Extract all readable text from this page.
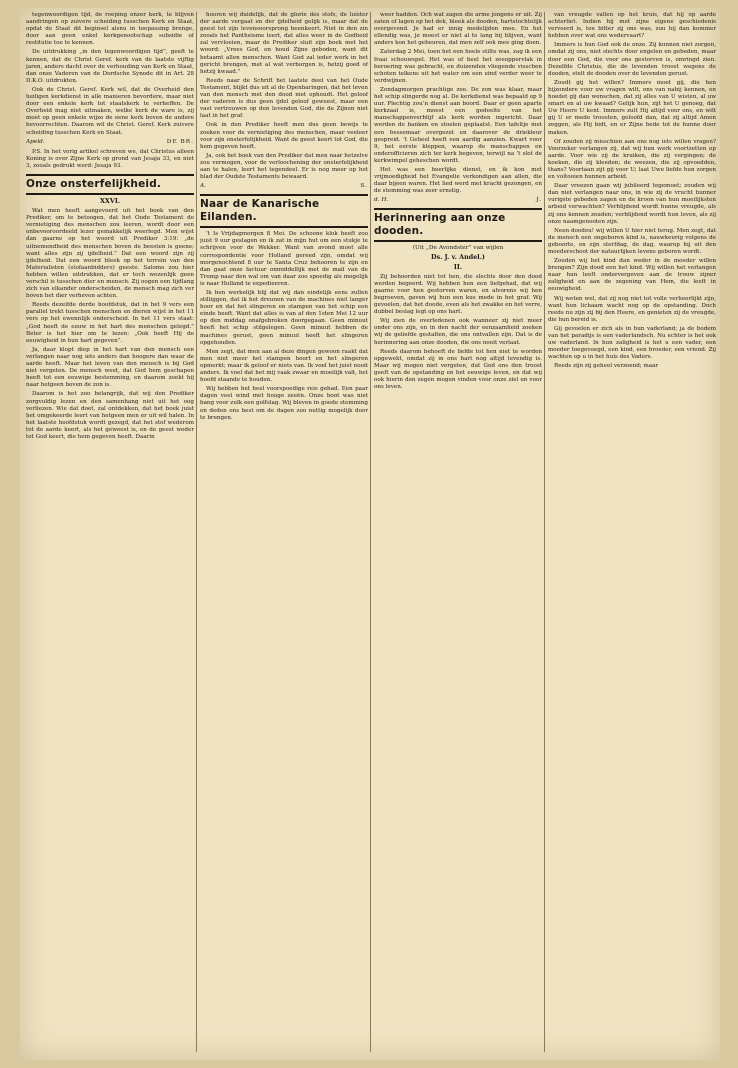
tegenwoordigen tijd, de roeping onzer kerk, te blijven aandringen op zuivere scheiding tusschen Kerk en Staat, opdat de Staat dit beginsel alsnu in toepassing brenge, door aan geen enkel kerkgenootschap subsidie of restitutie toe te kennen.

De uitdrukking „in den tegenwoordigen tijd”, geeft te kennen, dat de Christ Geref. kerk van de laatste vijftig jaren, anders dacht over de verhouding van Kerk en Staat, dan onze Vaderen van de Dordsche Synode dit in Art. 28 D.K.O. uitdrukten.

Ook de Christ. Geref. Kerk wil, dat de Overheid den heiligen kerkdienst in alle manieren bevordere, maar niet door een enkele kerk tot staatskerk te verheffen. De Overheid mag niet uitmaken, welke kerk de ware is, zij moet op geen enkele wijze de eene kerk boven de andere bevoorrechten. Daarom wil de Christ. Geref. Kerk zuivere scheiding tusschen Kerk en Staat.

Apeld.	DE BR.

P.S. In het vorig artikel schreven we, dat Christus alleen Koning is over Zijne Kerk op grond van Jesaja 33, en niet 3, zooals gedrukt werd: Jesaja 93.

Onze onsterfelijkheid.
XXVI.

Wat men heeft aangevoerd uit het boek van den Prediker, om te betoogen, dat het Oude Testament de vernietiging des menschen zou leeren, wordt door een onbevooroordeeld lezer gemakkelijk weerlegd. Men wijst dan gaarne op het woord uit Prediker 3:19: „de uitnemendheid des menschen boven de beesten is geene; want alles zijn zij ijdelheid.” Dat een woord zijn zij ijdelheid. Dat een woord bleek op het terrein van den Materialisten (stofaanbidders) geeste. Salomo zou hier hebben willen uitdrukken, dat er toch wezenlijk geen verschil is tusschen dier en mensch. Zij oogen een tijdlang zich van elkander onderscheiden, de mensch mag zich ver boven het dier verheven achten.

Reeds dezelfde derde hoofdstuk, dat in het 9 vers een parallel trekt tusschen menschen en dieren wijst in het 11 vers op het ewennlijk onderscheid. In het 11 vers staat: „God heeft de eeuw in het hart des menschen gelegd.” Beter is het hier om te lezen: „Ook heeft Hij de eeuwigheid in hun hart gegeven”.

Ja, daar klopt diep in het hart van den mensch een verlangen naar nog iets anders dan hoogere dan waar de aarde heeft. Maar het leven van den mensch is bij God niet vergeten. De mensch weet, dat God hem geschapen heeft tot een eeuwige bestemming, en daarom zoekt hij naar hetgeen boven de zon is.

Daarom is het zoo belangrijk, dat wij den Prediker zorgvuldig lezen en den samenhang niet uit het oog verliezen. Wie dat doet, zal ontdekken, dat het boek juist het omgekeerde leert van hetgeen men er uit wil halen. In het laatste hoofdstuk wordt gezegd, dat het stof wederom tot de aarde keert, als het geweest is, en de geest weder tot God keert, die hem gegeven heeft. Daarin

hooren wij duidelijk, dat de glorie des stofs, de luister der aarde vergaat en der ijdelheid gelijk is, maar dat de geest tot zijn levensoorsprong heenkeert. Niet in den zin zooals het Pantheisme leert, dat alles weer in de Godheid zal vervloeien, maar de Prediker sluit zijn boek met het woord: „Vrees God, en houd Zijne geboden, want dit betaamt allen menschen. Want God zal ieder werk in het gericht brengen, met al wat verborgen is, hetzij goed of hetzij kwaad.”

Reeds naar de Schrift het laatste deel van het Oude Testament, blijkt dus uit al de Openbaringen, dat het leven van den mensch met den dood niet ophoudt. Het geloof der vaderen is dus geen ijdel geloof geweest, maar een vast vertrouwen op den levenden God, die de Zijnen niet laat in het graf.

Ook in den Prediker heeft men dus geen bewijs te zoeken voor de vernietiging des menschen, maar veeleer voor zijn onsterfelijkheid. Want de geest keert tot God, die hem gegeven heeft.

Ja, ook het boek van den Prediker dat men naar hetzelve zou vermogen, voor de verloochening der onsterfelijkheid aan te halen, leert het tegendeel. Er is nog meer op het blad der Oudste Testaments bewaard.

A.	S.
Naar de Kanarische Eilanden.

’t Is Vrijdagmorgen 8 Mei. De schoone klok heeft zoo juist 9 uur geslagen en ik zat in mijn hut om een stukje te schrijven voor de Wekker. Want van avond moet alle correspondentie voor Holland gereed zijn, omdat wij morgenochtend 8 uur te Santa Cruz behooren te zijn en dan gaat onze factuur onmiddellijk met de mail van de Tromp naar den wal om van daar zoo spoedig als mogelijk is naar Holland te expedieeren.

Ik ben werkelijk blij dat wij dan eindelijk eens zullen stilliggen, dat ik het dreunen van de machines niet langer hoor en dat het slingeren en stampen van het schip een einde heeft. Want dat alles is van af den 1sten Mei 12 uur op den middag onafgebroken doorgegaan. Geen minuut heeft het schip stilgelegen. Geen minuut hebben de machines gerust, geen minuut heeft het slingeren opgehouden.

Men zegt, dat men aan al deze dingen gewoon raakt dat men niet meer het stampen hoort en het slingeren opmerkt; maar ik geloof er niets van. Ik voel het juist nooit anders. Ik voel dat het mij vaak zwaar en moeilijk valt, het hoofd staande te houden.

Wij hebben het heel voorspoedige reis gehad. Een paar dagen veel wind met hooge zeeën. Onze boot was niet bang voor zulk een golfslag. Wij bleven in goede stemming en deden ons best om de dagen zoo nuttig mogelijk door te brengen.

weer hadden. Och wat zagen die arme jongens er uit. Zij zaten of lagen op het dek, bleek als dooden, hartstochtelijk overgevend. Je had er innig medelijden mee. En het ellendig was, je moest er niet al te lang bij blijven, want anders kon het gebeuren, dat men zelf ook mee ging doen.

Zaterdag 2 Mei, toen het een heele stilte was, zag ik een fraai schouwspel. Het was of heel het zeeoppervlak in beroering was gebracht, en duizenden vliegende visschen schoten telkens uit het water om een eind verder weer te verdwijnen.

Zondagmorgen prachtige zee. De zon was klaar, maar het schip slingerde nog al. De kerkdienst was bepaald op 9 uur. Plechtig zou’n dienst aan boord. Daar er geen aparte kerkzaal is, moest een gedeelte van het manschappenverblijf als kerk worden ingericht. Daar werden de banken en stoelen geplaatst. Een tafeltje met een bessemaar overgezet en daarover de driekleur gespreid. ’t Geheel heeft een aardig aanzien. Kwart voor 9, het eerste kleppen, waarop de manschappen en onderofficieren zich ter kerk begeven, terwijl na ’t slot de kerkwimpel geheschen wordt.

Het was een heerlijke dienst, en ik kon met vrijmoedigheid het Evangelie verkondigen aan allen, die daar bijeen waren. Het lied werd met kracht gezongen, en de stemming was zeer ernstig.

d. H.	J.
Herinnering aan onze dooden.
(Uit „De Avondster” van wijlen
Ds. J. v. Andel.)
II.

Zij behoorden niet tot hen, die slechts door den dood werden begeerd. Wij hebben hen een liefgehad, dat wij gaarne voor hen gestorven waren, en alvorens wij hen begroeven, gaven wij hun een kus mede in het graf. Wij gevoelen, dat het doode, even als het zwakke en het verre, dubbel beslag legt op ons hart.

Wij zien de overledenen ook wanneer zij niet meer onder ons zijn, en in den nacht der eenzaamheid zoeken wij de geliefde gestalten, die ons ontvallen zijn. Dat is de herinnering aan onze dooden, die ons nooit verlaat.

Reeds daarom behoeft de liefde tot hen niet te worden opgewekt, omdat zij in ons hart nog altijd levendig is. Maar wij mogen niet vergeten, dat God ons den troost geeft van de opstanding en het eeuwige leven, en dat wij ook hierin den zegen mogen vinden voor onze ziel en voor ons leven.

van vreugde vallen op het kruis, dat hij op aarde achterliet. Indien hij met zijne eigene geschiedenis vervoerd is, toe bitter zij ons was, zou hij dan kommer hebben over wat ons wedervaart?

Immers is hun God ook de onze. Zij kunnen niet zorgen, omdat zij ons, niet slechts door engelen en gebeden, maar door een God, die voor ons gestorven is, omringd zien. Dezelfde Christus, die de levenden troost wegens de dooden, stelt de dooden over de levenden gerust.

Zoudt gij het willen? Immers moet gij, die hen bijzondere voor uw vragen wilt, ons van nabij kennen, en hoedet gij dan wenschen, dat zij alles van U wisten, al uw smart en al uw kwaad? Gelijk hun, zijt het U genoeg, dat Uw Heere U kent. Immers zult Hij altijd voor ons, en wilt gij U er mede troosten, geloofd dan, dat zij altijd Amen zeggen, als Hij bidt, en er Zijne bede tot de hunne door maken.

Of zouden zij misschien aan ons nog iets willen vragen? Voorzeker verlangen zij, dat wij hun werk voortzetten op aarde. Voor wie zij de kruiken, die zij vergingen; de koeken, die zij kleeden; de weezen, die zij opvoedden, thans? Voortaan zijt gij voor U; laat Uwe liefde hun zorgen en voltooien hunnen arbeid.

Daar vreezen gaan wij jubileerd tegemoet; zouden wij dan niet verlangen naar ons, in wie zij de vrucht hunner vurigste gebeden zagen en de kroon van hun moeilijksten arbeid verwachten? Verblijdend wordt hunne vreugde, als zij ons kennen zouden; verblijdend wordt hun leven, als zij onze naamgenooten zijn.

Neen doodeu! wij willen U hier niet terug. Men zegt, dat de mensch een ongeboren kind is, nauwkeurig volgens de geboorte, en zijn sterfdag, de dag, waarop hij uit den moederschoot der natuurlijken levens geboren wordt.

Zouden wij het kind dan weder in de moeder willen brengen? Zijn dood een het kind. Wij willen het verlangen naar hun leeft ondervergeven aan de trouw zijner zaligheid en aan de zegening van Hem, die leeft in eeuwigheid.

Wij weten wel, dat zij nog niet tot volle verheerlijkt zijn, want hun lichaam wacht nog op de opstanding. Doch reeds nu zijn zij bij den Heere, en genieten zij de vreugde, die hun bereid is.

Gij gevoelen er zich als in hun vaderland; ja de bodem van het paradijs is een vaderlandsch. Nu echter is het ook uw vaderland. In hun zaligheid is het u een vader, een moeder toegevoegd, een kind, een broeder, een vriend. Zij wachten op u in het huis des Vaders.

Reeds zijn zij geheel verzoend; maar
